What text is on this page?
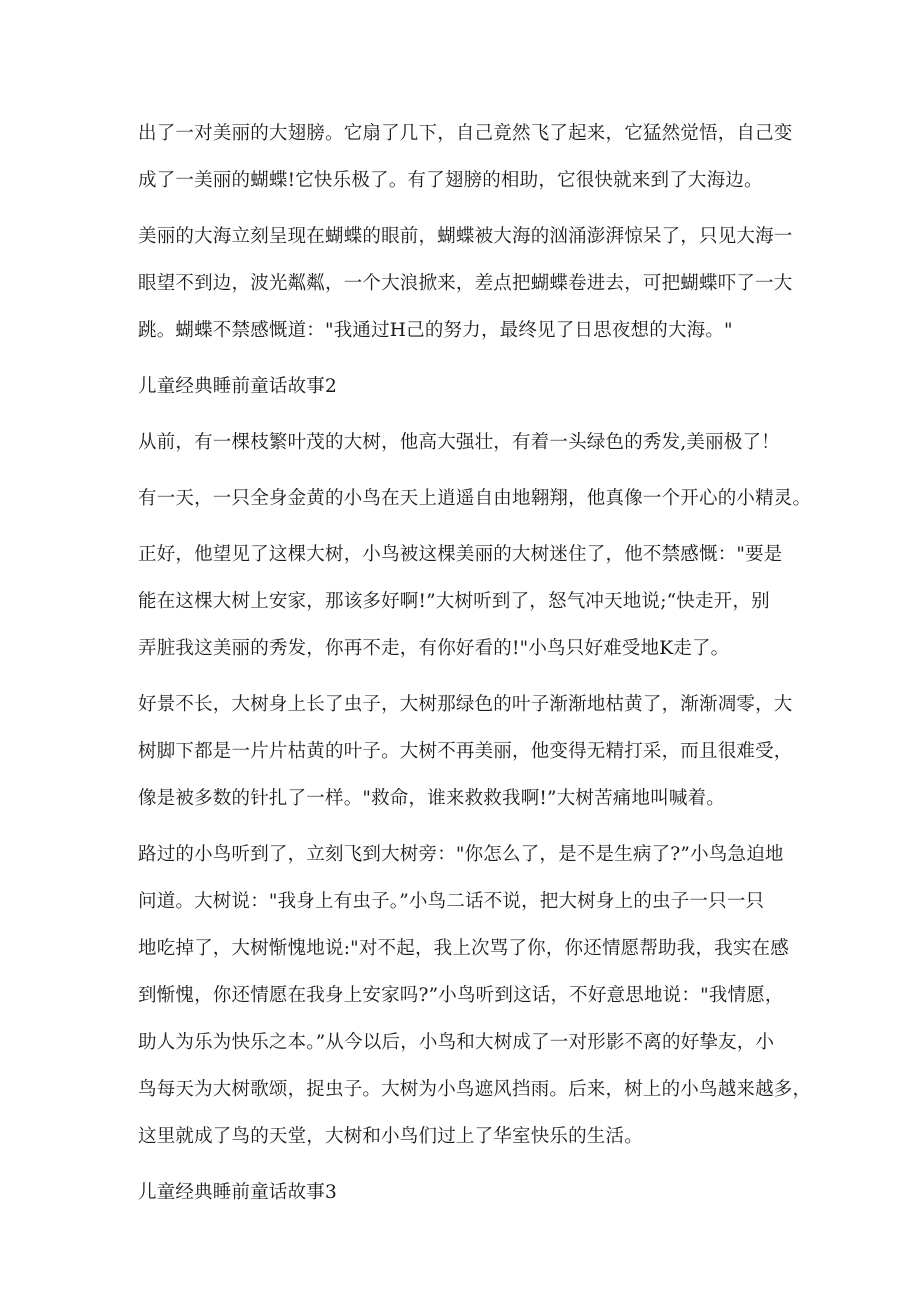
出了一对美丽的大翅膀。它扇了几下，自己竟然飞了起来，它猛然觉悟，自己变
成了一美丽的蝴蝶!它快乐极了。有了翅膀的相助，它很快就来到了大海边。
美丽的大海立刻呈现在蝴蝶的眼前，蝴蝶被大海的汹涌澎湃惊呆了，只见大海一
眼望不到边，波光粼粼，一个大浪掀来，差点把蝴蝶卷进去，可把蝴蝶吓了一大
跳。蝴蝶不禁感慨道："我通过H己的努力，最终见了日思夜想的大海。"
儿童经典睡前童话故事2
从前，有一棵枝繁叶茂的大树，他高大强壮，有着一头绿色的秀发,美丽极了！
有一天，一只全身金黄的小鸟在天上逍遥自由地翱翔，他真像一个开心的小精灵。
正好，他望见了这棵大树，小鸟被这棵美丽的大树迷住了，他不禁感慨："要是
能在这棵大树上安家，那该多好啊!”大树听到了，怒气冲天地说;“快走开，别
弄脏我这美丽的秀发，你再不走，有你好看的!"小鸟只好难受地K走了。
好景不长，大树身上长了虫子，大树那绿色的叶子渐渐地枯黄了，渐渐凋零，大
树脚下都是一片片枯黄的叶子。大树不再美丽，他变得无精打采，而且很难受，
像是被多数的针扎了一样。"救命，谁来救救我啊!”大树苦痛地叫喊着。
路过的小鸟听到了，立刻飞到大树旁："你怎么了，是不是生病了?”小鸟急迫地
问道。大树说："我身上有虫子。”小鸟二话不说，把大树身上的虫子一只一只
地吃掉了，大树惭愧地说:"对不起，我上次骂了你，你还情愿帮助我，我实在感
到惭愧，你还情愿在我身上安家吗?”小鸟听到这话，不好意思地说："我情愿，
助人为乐为快乐之本。”从今以后，小鸟和大树成了一对形影不离的好挚友，小
鸟每天为大树歌颂，捉虫子。大树为小鸟遮风挡雨。后来，树上的小鸟越来越多，
这里就成了鸟的天堂，大树和小鸟们过上了华室快乐的生活。
儿童经典睡前童话故事3
